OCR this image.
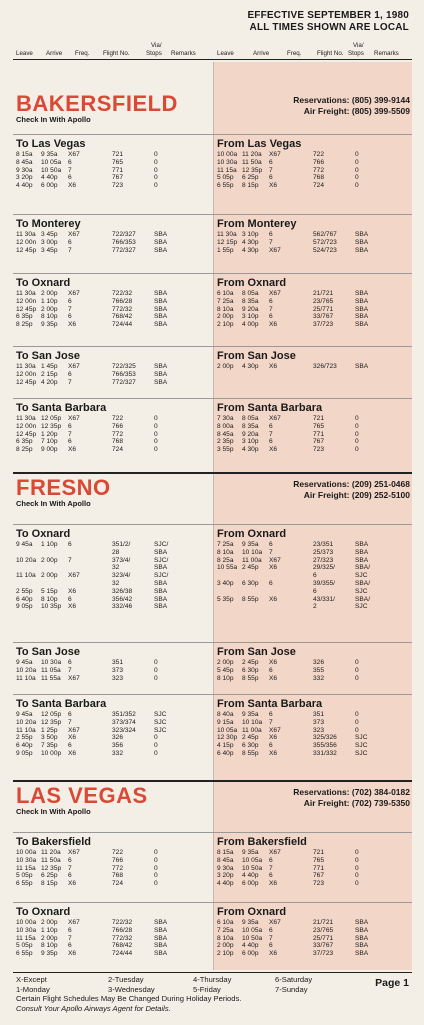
EFFECTIVE SEPTEMBER 1, 1980
ALL TIMES SHOWN ARE LOCAL
Leave Arrive Freq. Flight No.
Via/
Stops Remarks	Leave	Arrive	Freq.	Flight No.
Via/
Stops Remarks
BAKERSFIELD
Check In With Apollo
Reservations: (805) 399-9144
Air Freight: (805) 399-5509
To Las Vegas
8 15a 9 35a X67	721	0
8 45a 10 05a 6	765	0
9 30a 10 50a 7	771	0
3 20p 4 40p 6	767	0
4 40p 6 00p X6	723	0
From Las Vegas
10 00a 11 20a X67	722	0
10 30a 11 50a 6	766	0
11 15a 12 35p 7	772	0
5 05p 6 25p 6	768	0
6 55p 8 15p X6	724	0
To Monterey
11 30a 3 45p X67	722/327	SBA
12 00n 3 00p 6	766/353	SBA
12 45p 3 45p 7	772/327	SBA
From Monterey
11 30a 3 10p 6	562/767	SBA
12 15p 4 30p 7	572/723	SBA
1 55p 4 30p X67	524/723	SBA
To Oxnard
11 30a 2 00p X67	722/32	SBA
12 00n 1 10p 6	766/28	SBA
12 45p 2 00p 7	772/32	SBA
6 35p 8 10p 6	768/42	SBA
8 25p 9 35p X6	724/44	SBA
From Oxnard
6 10a 8 05a X67	21/721	SBA
7 25a 8 35a 6	23/765	SBA
8 10a 9 20a 7	25/771	SBA
2 00p 3 10p 6	33/767	SBA
2 10p 4 00p X6	37/723	SBA
To San Jose
11 30a 1 45p X67	722/325	SBA
12 00n 2 15p 6	766/353	SBA
12 45p 4 20p 7	772/327	SBA
From San Jose
2 00p 4 30p X6	326/723	SBA
To Santa Barbara
11 30a 12 05p X67	722	0
12 00n 12 35p 6	766	0
12 45p 1 20p 7	772	0
6 35p 7 10p 6	768	0
8 25p 9 00p X6	724	0
From Santa Barbara
7 30a 8 05a X67	721	0
8 00a 8 35a 6	765	0
8 45a 9 20a 7	771	0
2 35p 3 10p 6	767	0
3 55p 4 30p X6	723	0
FRESNO
Check In With Apollo
Reservations: (209) 251-0468
Air Freight: (209) 252-5100
To Oxnard
9 45a 1 10p 6	351/2/	SJC/
28	SBA
10 20a 2 00p 7	373/4/	SJC/
32	SBA
11 10a 2 00p X67	323/4/	SJC/
32	SBA
2 55p 5 15p X6	326/38	SBA
6 40p 8 10p 6	356/42	SBA
9 05p 10 35p X6	332/46	SBA
From Oxnard
7 25a 9 35a 6	23/351	SBA
8 10a 10 10a 7	25/373	SBA
8 25a 11 00a X67	27/323	SBA
10 55a 2 45p X6	29/325/	SBA/
6	SJC
3 40p 6 30p 6	39/355/	SBA/
6	SJC
5 35p 8 55p X6	43/331/	SBA/
2	SJC
To San Jose
9 45a 10 30a 6	351	0
10 20a 11 05a 7	373	0
11 10a 11 55a X67	323	0
From San Jose
2 00p 2 45p X6	326	0
5 45p 6 30p 6	355	0
8 10p 8 55p X6	332	0
To Santa Barbara
9 45a 12 05p 6	351/352	SJC
10 20a 12 35p 7	373/374	SJC
11 10a 1 25p X67	323/324	SJC
2 55p 3 50p X6	326	0
6 40p 7 35p 6	356	0
9 05p 10 00p X6	332	0
From Santa Barbara
8 40a 9 35a 6	351	0
9 15a 10 10a 7	373	0
10 05a 11 00a X67	323	0
12 30p 2 45p X6	325/326	SJC
4 15p 6 30p 6	355/356	SJC
6 40p 8 55p X6	331/332	SJC
LAS VEGAS
Check In With Apollo
Reservations: (702) 384-0182
Air Freight: (702) 739-5350
To Bakersfield
10 00a 11 20a X67	722	0
10 30a 11 50a 6	766	0
11 15a 12 35p 7	772	0
5 05p 6 25p 6	768	0
6 55p 8 15p X6	724	0
From Bakersfield
8 15a 9 35a X67	721	0
8 45a 10 05a 6	765	0
9 30a 10 50a 7	771	0
3 20p 4 40p 6	767	0
4 40p 6 00p X6	723	0
To Oxnard
10 00a 2 00p X67	722/32	SBA
10 30a 1 10p 6	766/28	SBA
11 15a 2 00p 7	772/32	SBA
5 05p 8 10p 6	768/42	SBA
6 55p 9 35p X6	724/44	SBA
From Oxnard
6 10a 9 35a X67	21/721	SBA
7 25a 10 05a 6	23/765	SBA
8 10a 10 50a 7	25/771	SBA
2 00p 4 40p 6	33/767	SBA
2 10p 6 00p X6	37/723	SBA
X-Except
1-Monday
2-Tuesday
3-Wednesday
4-Thursday
5-Friday
6-Saturday
7-Sunday	Page 1
Certain Flight Schedules May Be Changed During Holiday Periods.
Consult Your Apollo Airways Agent for Details.
